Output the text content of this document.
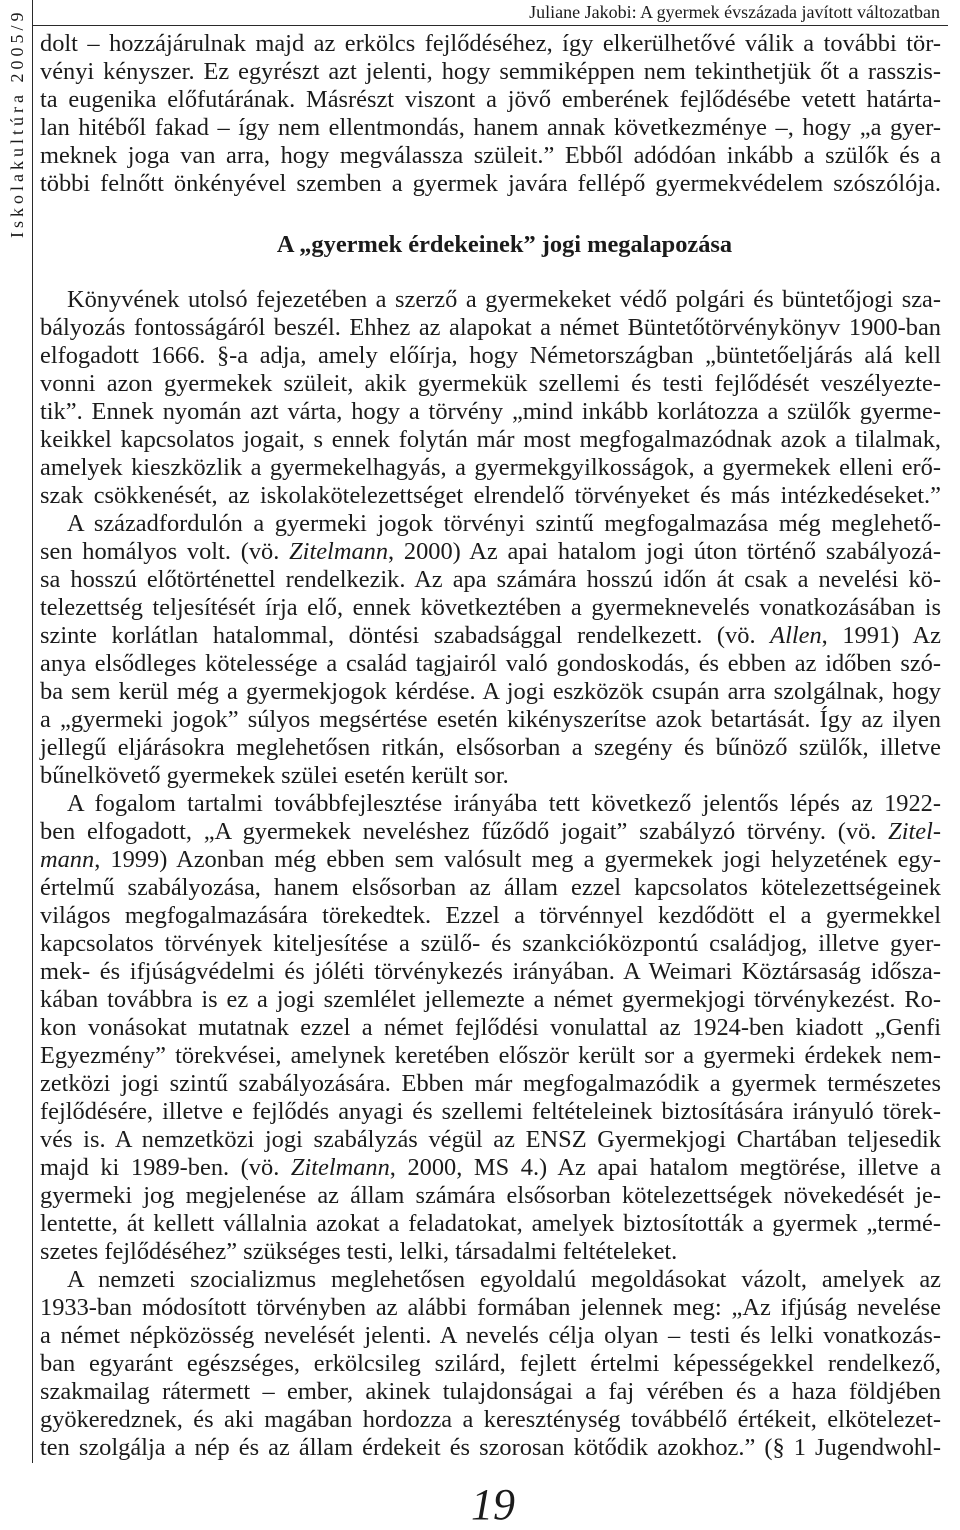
Iskolakultúra 2005/9	Juliane Jakobi: A gyermek évszázada javított változatban
dolt – hozzájárulnak majd az erkölcs fejlődéséhez, így elkerülhetővé válik a további tör-
vényi kényszer. Ez egyrészt azt jelenti, hogy semmiképpen nem tekinthetjük őt a rasszis-
ta eugenika előfutárának. Másrészt viszont a jövő emberének fejlődésébe vetett határta-
lan hitéből fakad – így nem ellentmondás, hanem annak következménye –, hogy „a gyer-
meknek joga van arra, hogy megválassza szüleit.” Ebből adódóan inkább a szülők és a
többi felnőtt önkényével szemben a gyermek javára fellépő gyermekvédelem szószólója.
A „gyermek érdekeinek” jogi megalapozása
Könyvének utolsó fejezetében a szerző a gyermekeket védő polgári és büntetőjogi sza-
bályozás fontosságáról beszél. Ehhez az alapokat a német Büntetőtörvénykönyv 1900-ban
elfogadott 1666. §-a adja, amely előírja, hogy Németországban „büntetőeljárás alá kell
vonni azon gyermekek szüleit, akik gyermekük szellemi és testi fejlődését veszélyezte-
tik”. Ennek nyomán azt várta, hogy a törvény „mind inkább korlátozza a szülők gyerme-
keikkel kapcsolatos jogait, s ennek folytán már most megfogalmazódnak azok a tilalmak,
amelyek kieszközlik a gyermekelhagyás, a gyermekgyilkosságok, a gyermekek elleni erő-
szak csökkenését, az iskolakötelezettséget elrendelő törvényeket és más intézkedéseket.”
A századfordulón a gyermeki jogok törvényi szintű megfogalmazása még meglehető-
sen homályos volt. (vö. Zitelmann, 2000) Az apai hatalom jogi úton történő szabályozá-
sa hosszú előtörténettel rendelkezik. Az apa számára hosszú időn át csak a nevelési kö-
telezettség teljesítését írja elő, ennek következtében a gyermeknevelés vonatkozásában is
szinte korlátlan hatalommal, döntési szabadsággal rendelkezett. (vö. Allen, 1991) Az
anya elsődleges kötelessége a család tagjairól való gondoskodás, és ebben az időben szó-
ba sem kerül még a gyermekjogok kérdése. A jogi eszközök csupán arra szolgálnak, hogy
a „gyermeki jogok” súlyos megsértése esetén kikényszerítse azok betartását. Így az ilyen
jellegű eljárásokra meglehetősen ritkán, elsősorban a szegény és bűnöző szülők, illetve
bűnelkövető gyermekek szülei esetén került sor.
A fogalom tartalmi továbbfejlesztése irányába tett következő jelentős lépés az 1922-
ben elfogadott, „A gyermekek neveléshez fűződő jogait” szabályzó törvény. (vö. Zitel-
mann, 1999) Azonban még ebben sem valósult meg a gyermekek jogi helyzetének egy-
értelmű szabályozása, hanem elsősorban az állam ezzel kapcsolatos kötelezettségeinek
világos megfogalmazására törekedtek. Ezzel a törvénnyel kezdődött el a gyermekkel
kapcsolatos törvények kiteljesítése a szülő- és szankcióközpontú családjog, illetve gyer-
mek- és ifjúságvédelmi és jóléti törvénykezés irányában. A Weimari Köztársaság idősza-
kában továbbra is ez a jogi szemlélet jellemezte a német gyermekjogi törvénykezést. Ro-
kon vonásokat mutatnak ezzel a német fejlődési vonulattal az 1924-ben kiadott „Genfi
Egyezmény” törekvései, amelynek keretében először került sor a gyermeki érdekek nem-
zetközi jogi szintű szabályozására. Ebben már megfogalmazódik a gyermek természetes
fejlődésére, illetve e fejlődés anyagi és szellemi feltételeinek biztosítására irányuló törek-
vés is. A nemzetközi jogi szabályzás végül az ENSZ Gyermekjogi Chartában teljesedik
majd ki 1989-ben. (vö. Zitelmann, 2000, MS 4.) Az apai hatalom megtörése, illetve a
gyermeki jog megjelenése az állam számára elsősorban kötelezettségek növekedését je-
lentette, át kellett vállalnia azokat a feladatokat, amelyek biztosították a gyermek „termé-
szetes fejlődéséhez” szükséges testi, lelki, társadalmi feltételeket.
A nemzeti szocializmus meglehetősen egyoldalú megoldásokat vázolt, amelyek az
1933-ban módosított törvényben az alábbi formában jelennek meg: „Az ifjúság nevelése
a német népközösség nevelését jelenti. A nevelés célja olyan – testi és lelki vonatkozás-
ban egyaránt egészséges, erkölcsileg szilárd, fejlett értelmi képességekkel rendelkező,
szakmailag rátermett – ember, akinek tulajdonságai a faj vérében és a haza földjében
gyökeredznek, és aki magában hordozza a kereszténység továbbélő értékeit, elkötelezet-
ten szolgálja a nép és az állam érdekeit és szorosan kötődik azokhoz.” (§ 1 Jugendwohl-
19
